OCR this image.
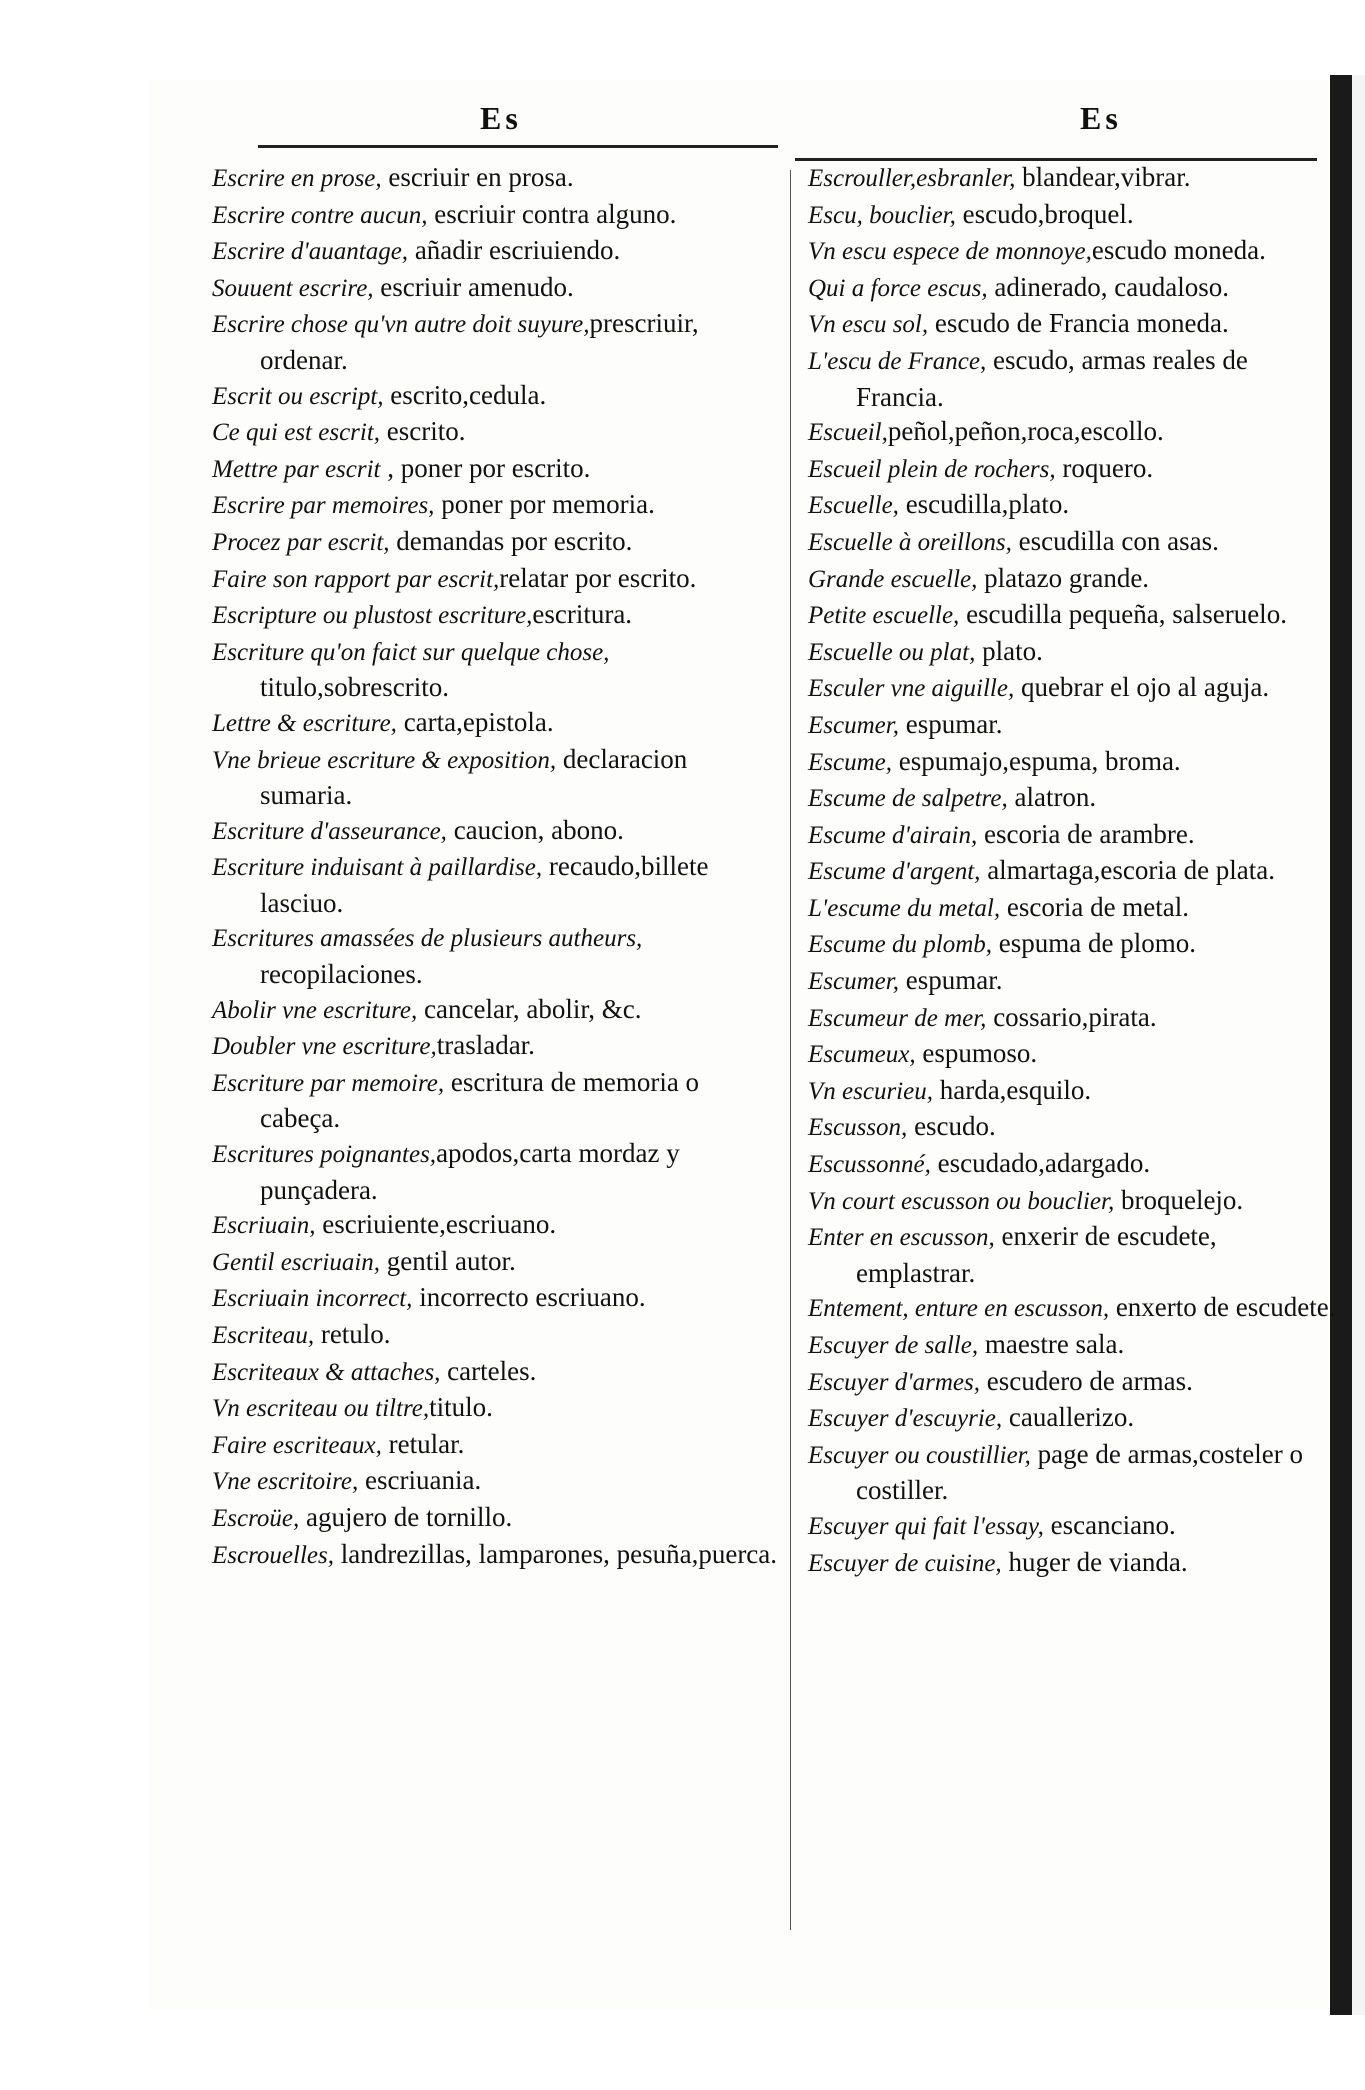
Es	Es

Escrire en prose, escriuir en prosa.

Escrire contre aucun, escriuir contra alguno.

Escrire d'auantage, añadir escriuiendo.

Souuent escrire, escriuir amenudo.

Escrire chose qu'vn autre doit suyure,prescriuir, ordenar.

Escrit ou escript, escrito,cedula.

Ce qui est escrit, escrito.

Mettre par escrit , poner por escrito.

Escrire par memoires, poner por memoria.

Procez par escrit, demandas por escrito.

Faire son rapport par escrit,relatar por escrito.

Escripture ou plustost escriture,escritura.

Escriture qu'on faict sur quelque chose, titulo,sobrescrito.

Lettre & escriture, carta,epistola.

Vne brieue escriture & exposition, declaracion sumaria.

Escriture d'asseurance, caucion, abono.

Escriture induisant à paillardise, recaudo,billete lasciuo.

Escritures amassées de plusieurs autheurs, recopilaciones.

Abolir vne escriture, cancelar, abolir, &c.

Doubler vne escriture,trasladar.

Escriture par memoire, escritura de memoria o cabeça.

Escritures poignantes,apodos,carta mordaz y punçadera.

Escriuain, escriuiente,escriuano.

Gentil escriuain, gentil autor.

Escriuain incorrect, incorrecto escriuano.

Escriteau, retulo.

Escriteaux & attaches, carteles.

Vn escriteau ou tiltre,titulo.

Faire escriteaux, retular.

Vne escritoire, escriuania.

Escroüe, agujero de tornillo.

Escrouelles, landrezillas, lamparones, pesuña,puerca.

Escrouller,esbranler, blandear,vibrar.

Escu, bouclier, escudo,broquel.

Vn escu espece de monnoye,escudo moneda.

Qui a force escus, adinerado, caudaloso.

Vn escu sol, escudo de Francia moneda.

L'escu de France, escudo, armas reales de Francia.

Escueil,peñol,peñon,roca,escollo.

Escueil plein de rochers, roquero.

Escuelle, escudilla,plato.

Escuelle à oreillons, escudilla con asas.

Grande escuelle, platazo grande.

Petite escuelle, escudilla pequeña, salseruelo.

Escuelle ou plat, plato.

Esculer vne aiguille, quebrar el ojo al aguja.

Escumer, espumar.

Escume, espumajo,espuma, broma.

Escume de salpetre, alatron.

Escume d'airain, escoria de arambre.

Escume d'argent, almartaga,escoria de plata.

L'escume du metal, escoria de metal.

Escume du plomb, espuma de plomo.

Escumer, espumar.

Escumeur de mer, cossario,pirata.

Escumeux, espumoso.

Vn escurieu, harda,esquilo.

Escusson, escudo.

Escussonné, escudado,adargado.

Vn court escusson ou bouclier, broquelejo.

Enter en escusson, enxerir de escudete, emplastrar.

Entement, enture en escusson, enxerto de escudete.

Escuyer de salle, maestre sala.

Escuyer d'armes, escudero de armas.

Escuyer d'escuyrie, cauallerizo.

Escuyer ou coustillier, page de armas,costeler o costiller.

Escuyer qui fait l'essay, escanciano.

Escuyer de cuisine, huger de vianda.
